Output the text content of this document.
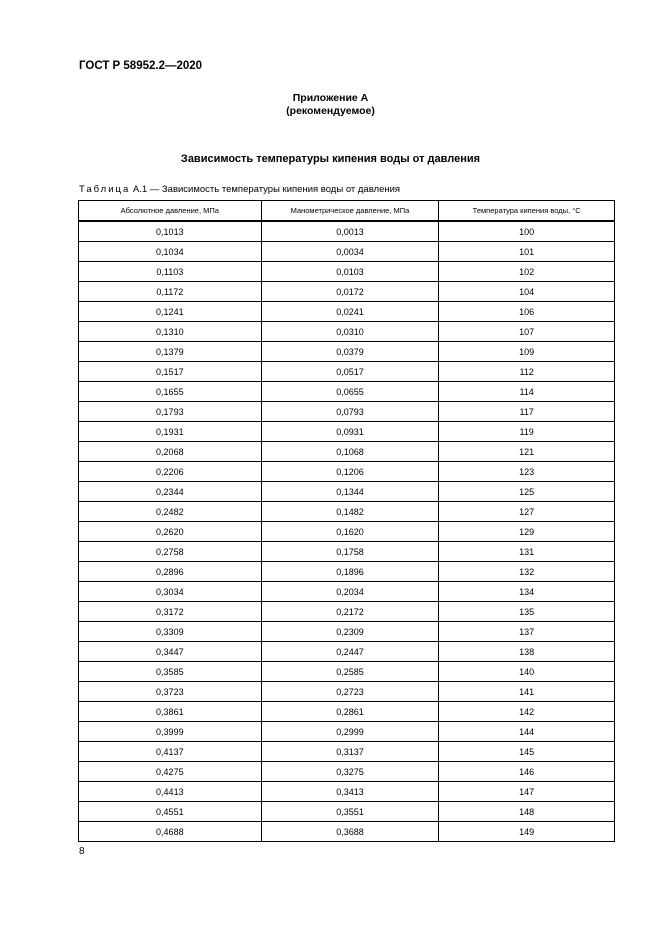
ГОСТ Р 58952.2—2020
Приложение А
(рекомендуемое)
Зависимость температуры кипения воды от давления
Таблица А.1 — Зависимость температуры кипения воды от давления
Абсолютное давление, МПа	Манометрическое давление, МПа	Температура кипения воды, °С
0,1013	0,0013	100
0,1034	0,0034	101
0,1103	0,0103	102
0,1172	0,0172	104
0,1241	0,0241	106
0,1310	0,0310	107
0,1379	0,0379	109
0,1517	0,0517	112
0,1655	0,0655	114
0,1793	0,0793	117
0,1931	0,0931	119
0,2068	0,1068	121
0,2206	0,1206	123
0,2344	0,1344	125
0,2482	0,1482	127
0,2620	0,1620	129
0,2758	0,1758	131
0,2896	0,1896	132
0,3034	0,2034	134
0,3172	0,2172	135
0,3309	0,2309	137
0,3447	0,2447	138
0,3585	0,2585	140
0,3723	0,2723	141
0,3861	0,2861	142
0,3999	0,2999	144
0,4137	0,3137	145
0,4275	0,3275	146
0,4413	0,3413	147
0,4551	0,3551	148
0,4688	0,3688	149
8
